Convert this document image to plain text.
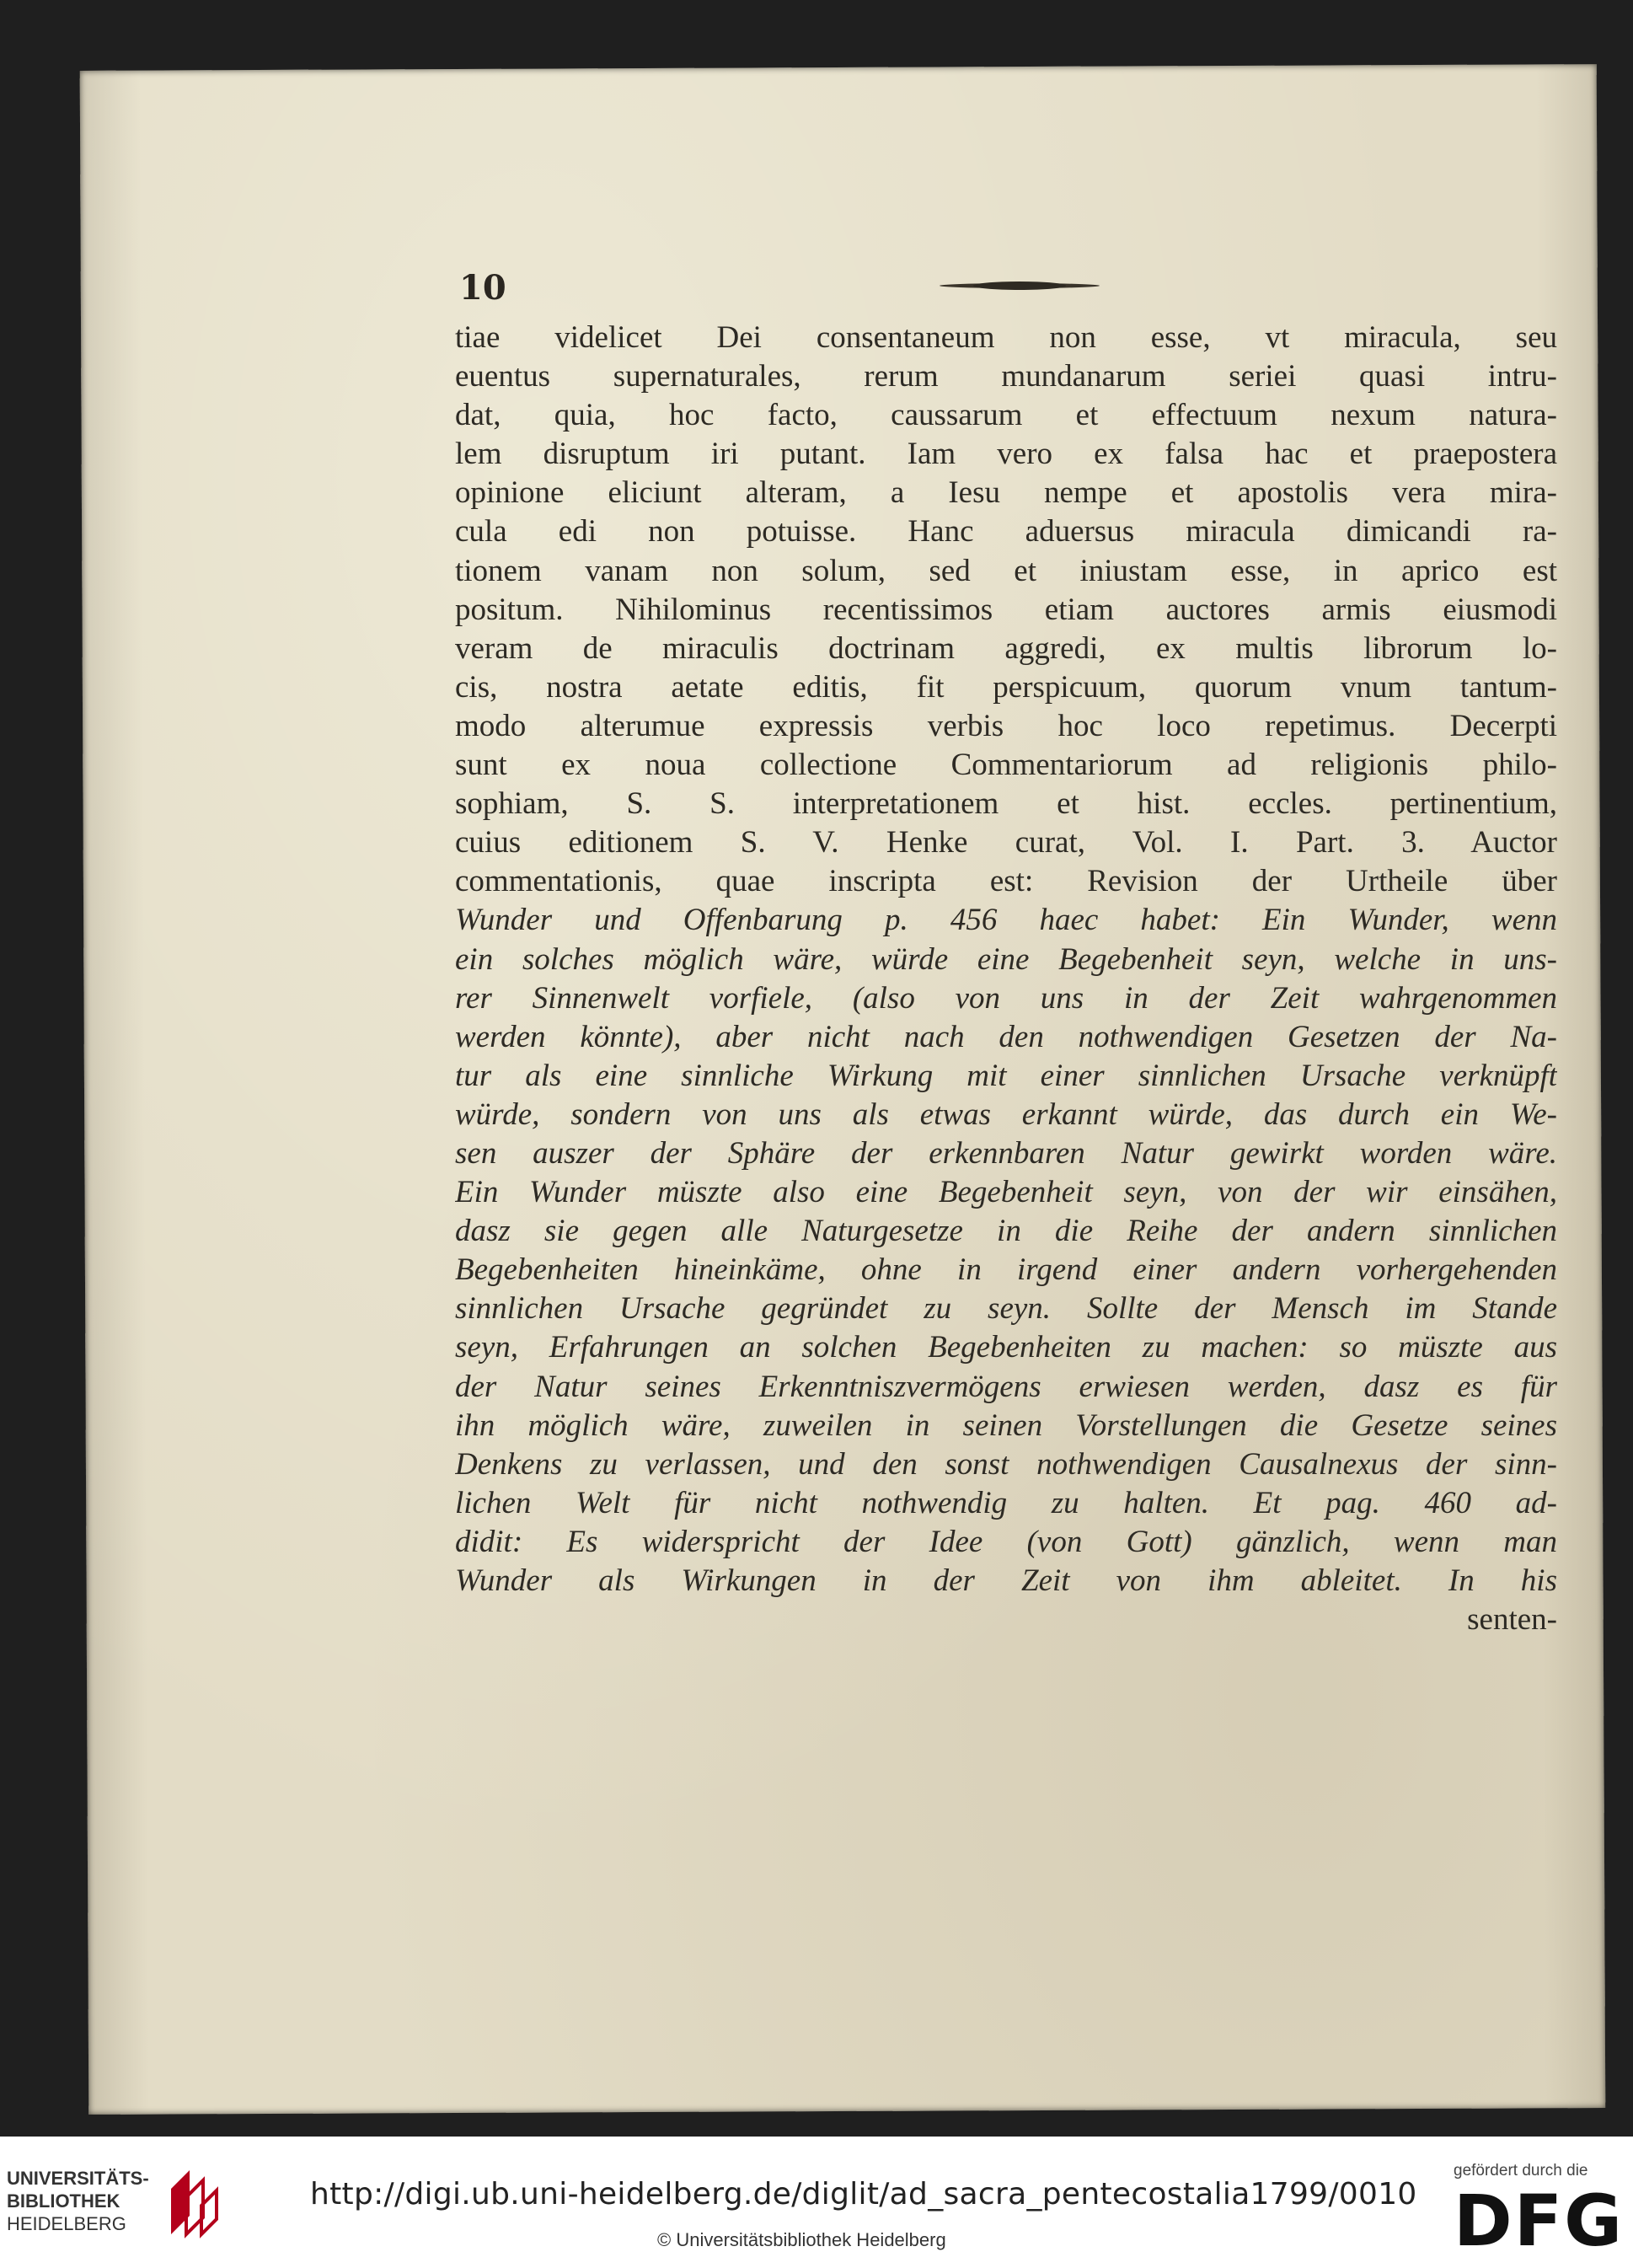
10
tiae videlicet Dei consentaneum non esse, vt miracula, seu
euentus supernaturales, rerum mundanarum seriei quasi intru-
dat, quia, hoc facto, caussarum et effectuum nexum natura-
lem disruptum iri putant. Iam vero ex falsa hac et praepostera
opinione eliciunt alteram, a Iesu nempe et apostolis vera mira-
cula edi non potuisse. Hanc aduersus miracula dimicandi ra-
tionem vanam non solum, sed et iniustam esse, in aprico est
positum. Nihilominus recentissimos etiam auctores armis eiusmodi
veram de miraculis doctrinam aggredi, ex multis librorum lo-
cis, nostra aetate editis, fit perspicuum, quorum vnum tantum-
modo alterumue expressis verbis hoc loco repetimus. Decerpti
sunt ex noua collectione Commentariorum ad religionis philo-
sophiam, S. S. interpretationem et hist. eccles. pertinentium,
cuius editionem S. V. Henke curat, Vol. I. Part. 3. Auctor
commentationis, quae inscripta est: Revision der Urtheile über
Wunder und Offenbarung p. 456 haec habet: Ein Wunder, wenn
ein solches möglich wäre, würde eine Begebenheit seyn, welche in uns-
rer Sinnenwelt vorfiele, (also von uns in der Zeit wahrgenommen
werden könnte), aber nicht nach den nothwendigen Gesetzen der Na-
tur als eine sinnliche Wirkung mit einer sinnlichen Ursache verknüpft
würde, sondern von uns als etwas erkannt würde, das durch ein We-
sen auszer der Sphäre der erkennbaren Natur gewirkt worden wäre.
Ein Wunder müszte also eine Begebenheit seyn, von der wir einsähen,
dasz sie gegen alle Naturgesetze in die Reihe der andern sinnlichen
Begebenheiten hineinkäme, ohne in irgend einer andern vorhergehenden
sinnlichen Ursache gegründet zu seyn. Sollte der Mensch im Stande
seyn, Erfahrungen an solchen Begebenheiten zu machen: so müszte aus
der Natur seines Erkenntniszvermögens erwiesen werden, dasz es für
ihn möglich wäre, zuweilen in seinen Vorstellungen die Gesetze seines
Denkens zu verlassen, und den sonst nothwendigen Causalnexus der sinn-
lichen Welt für nicht nothwendig zu halten. Et pag. 460 ad-
didit: Es widerspricht der Idee (von Gott) gänzlich, wenn man
Wunder als Wirkungen in der Zeit von ihm ableitet. In his
senten-
UNIVERSITÄTS-
BIBLIOTHEK
HEIDELBERG
http://digi.ub.uni-heidelberg.de/diglit/ad_sacra_pentecostalia1799/0010
© Universitätsbibliothek Heidelberg
gefördert durch die
DFG
